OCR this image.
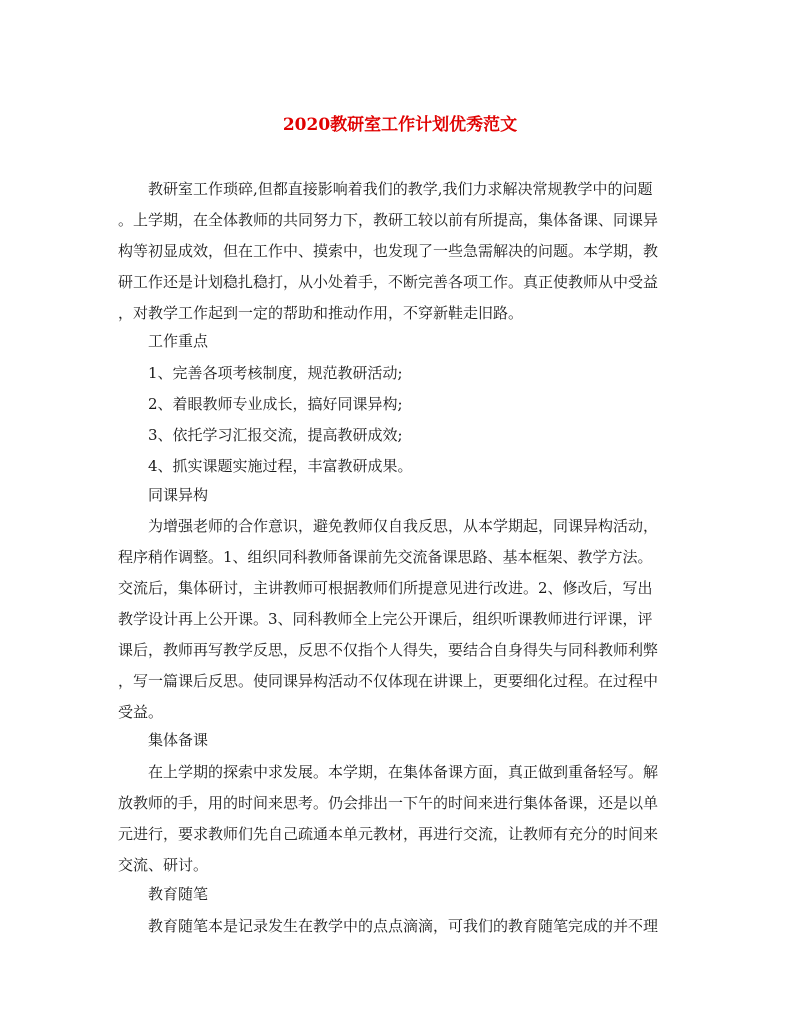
2020教研室工作计划优秀范文
教研室工作琐碎,但都直接影响着我们的教学,我们力求解决常规教学中的问题
。上学期，在全体教师的共同努力下，教研工较以前有所提高，集体备课、同课异
构等初显成效，但在工作中、摸索中，也发现了一些急需解决的问题。本学期，教
研工作还是计划稳扎稳打，从小处着手，不断完善各项工作。真正使教师从中受益
，对教学工作起到一定的帮助和推动作用，不穿新鞋走旧路。
工作重点
1、完善各项考核制度，规范教研活动;
2、着眼教师专业成长，搞好同课异构;
3、依托学习汇报交流，提高教研成效;
4、抓实课题实施过程，丰富教研成果。
同课异构
为增强老师的合作意识，避免教师仅自我反思，从本学期起，同课异构活动，
程序稍作调整。1、组织同科教师备课前先交流备课思路、基本框架、教学方法。
交流后，集体研讨，主讲教师可根据教师们所提意见进行改进。2、修改后，写出
教学设计再上公开课。3、同科教师全上完公开课后，组织听课教师进行评课，评
课后，教师再写教学反思，反思不仅指个人得失，要结合自身得失与同科教师利弊
，写一篇课后反思。使同课异构活动不仅体现在讲课上，更要细化过程。在过程中
受益。
集体备课
在上学期的探索中求发展。本学期，在集体备课方面，真正做到重备轻写。解
放教师的手，用的时间来思考。仍会排出一下午的时间来进行集体备课，还是以单
元进行，要求教师们先自己疏通本单元教材，再进行交流，让教师有充分的时间来
交流、研讨。
教育随笔
教育随笔本是记录发生在教学中的点点滴滴，可我们的教育随笔完成的并不理
